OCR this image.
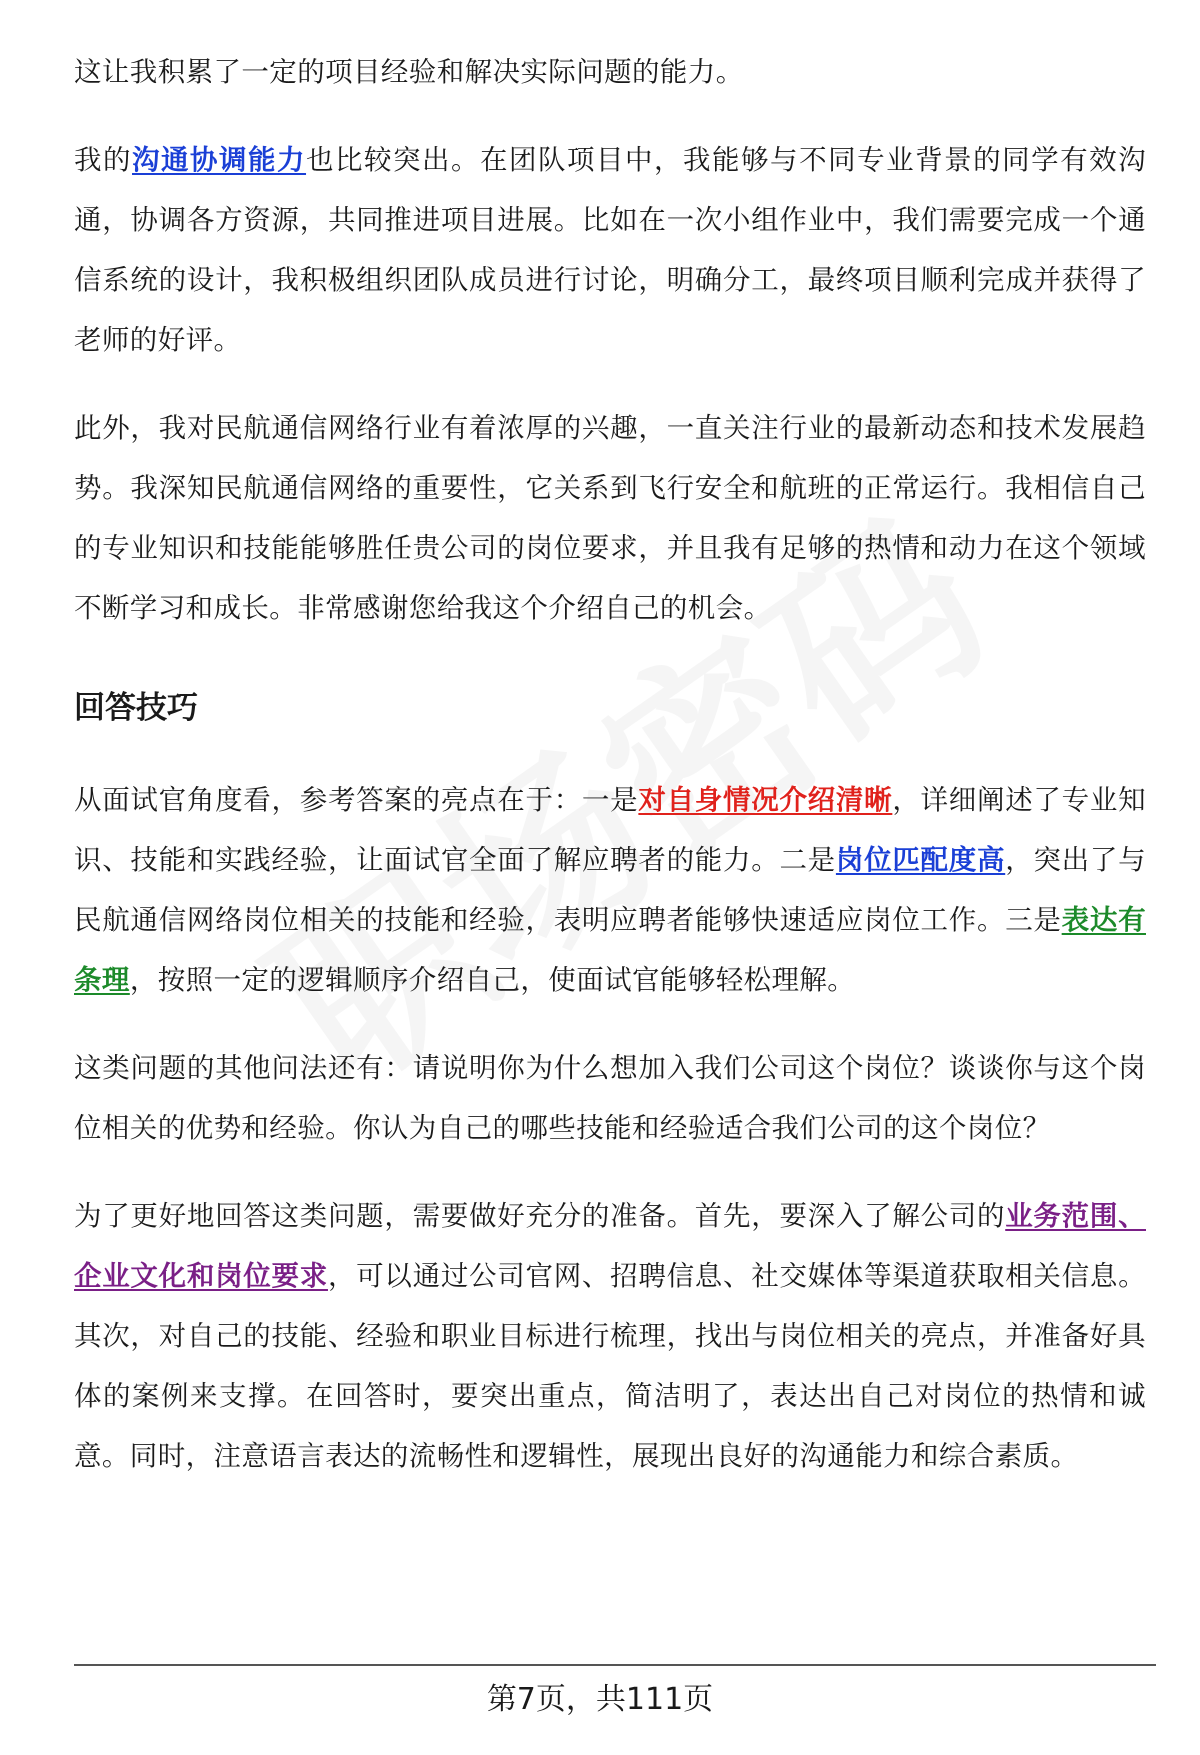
这让我积累了一定的项目经验和解决实际问题的能力。

我的沟通协调能力也比较突出。在团队项目中，我能够与不同专业背景的同学有效沟通，协调各方资源，共同推进项目进展。比如在一次小组作业中，我们需要完成一个通信系统的设计，我积极组织团队成员进行讨论，明确分工，最终项目顺利完成并获得了老师的好评。

此外，我对民航通信网络行业有着浓厚的兴趣，一直关注行业的最新动态和技术发展趋势。我深知民航通信网络的重要性，它关系到飞行安全和航班的正常运行。我相信自己的专业知识和技能能够胜任贵公司的岗位要求，并且我有足够的热情和动力在这个领域不断学习和成长。非常感谢您给我这个介绍自己的机会。

回答技巧

从面试官角度看，参考答案的亮点在于：一是对自身情况介绍清晰，详细阐述了专业知识、技能和实践经验，让面试官全面了解应聘者的能力。二是岗位匹配度高，突出了与民航通信网络岗位相关的技能和经验，表明应聘者能够快速适应岗位工作。三是表达有条理，按照一定的逻辑顺序介绍自己，使面试官能够轻松理解。

这类问题的其他问法还有：请说明你为什么想加入我们公司这个岗位？谈谈你与这个岗位相关的优势和经验。你认为自己的哪些技能和经验适合我们公司的这个岗位？

为了更好地回答这类问题，需要做好充分的准备。首先，要深入了解公司的业务范围、企业文化和岗位要求，可以通过公司官网、招聘信息、社交媒体等渠道获取相关信息。其次，对自己的技能、经验和职业目标进行梳理，找出与岗位相关的亮点，并准备好具体的案例来支撑。在回答时，要突出重点，简洁明了，表达出自己对岗位的热情和诚意。同时，注意语言表达的流畅性和逻辑性，展现出良好的沟通能力和综合素质。

第7页，共111页
